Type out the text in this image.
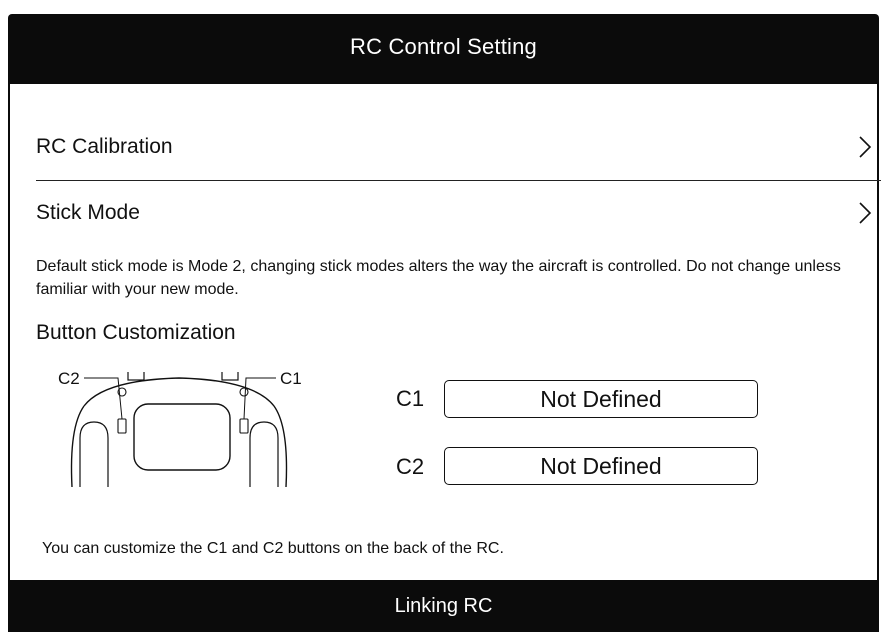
RC Control Setting
RC Calibration
Stick Mode
Default stick mode is Mode 2, changing stick modes alters the way the aircraft is controlled. Do not change unless familiar with your new mode.
Button Customization
C2	C1
C1	Not Defined
C2	Not Defined
You can customize the C1 and C2 buttons on the back of the RC.
Linking RC
